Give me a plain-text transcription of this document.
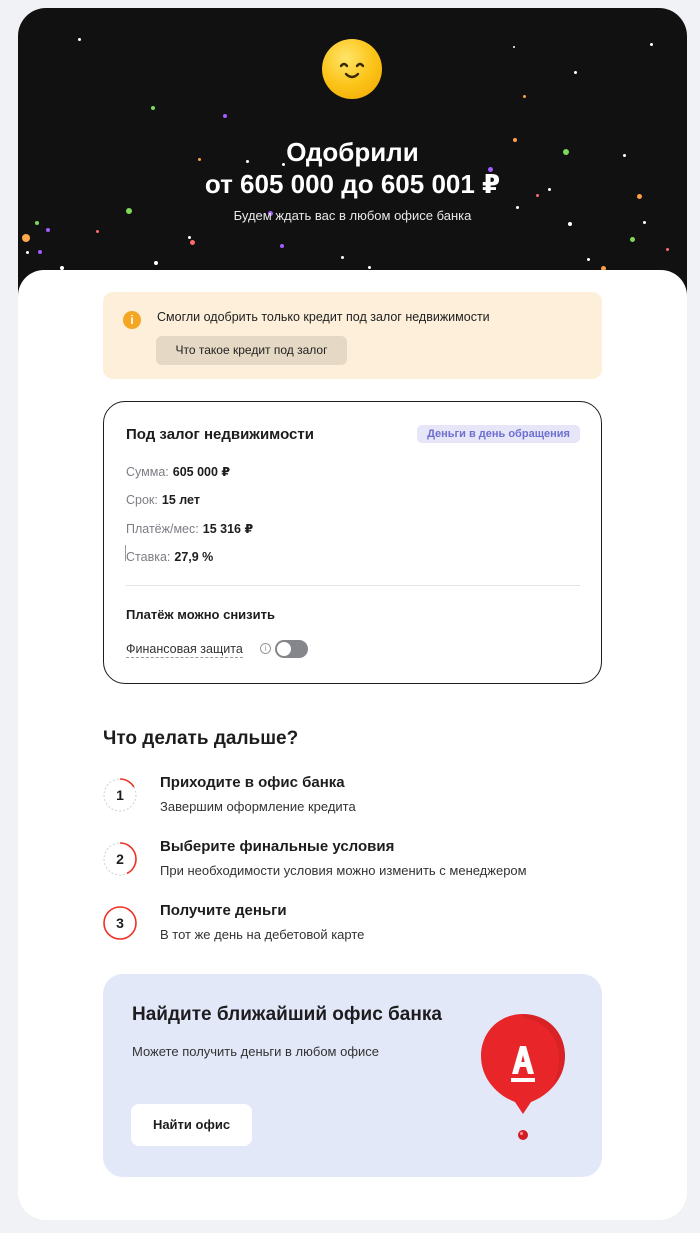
Одобрили
от 605 000 до 605 001 ₽
Будем ждать вас в любом офисе банка
i	Смогли одобрить только кредит под залог недвижимости
Что такое кредит под залог
Под залог недвижимости	Деньги в день обращения
Сумма: 605 000 ₽
Срок: 15 лет
Платёж/мес: 15 316 ₽
Ставка: 27,9 %
Платёж можно снизить
Финансовая защита	i
Что делать дальше?
1
Приходите в офис банка
Завершим оформление кредита
2
Выберите финальные условия
При необходимости условия можно изменить с менеджером
3
Получите деньги
В тот же день на дебетовой карте
Найдите ближайший офис банка
Можете получить деньги в любом офисе
Найти офис
